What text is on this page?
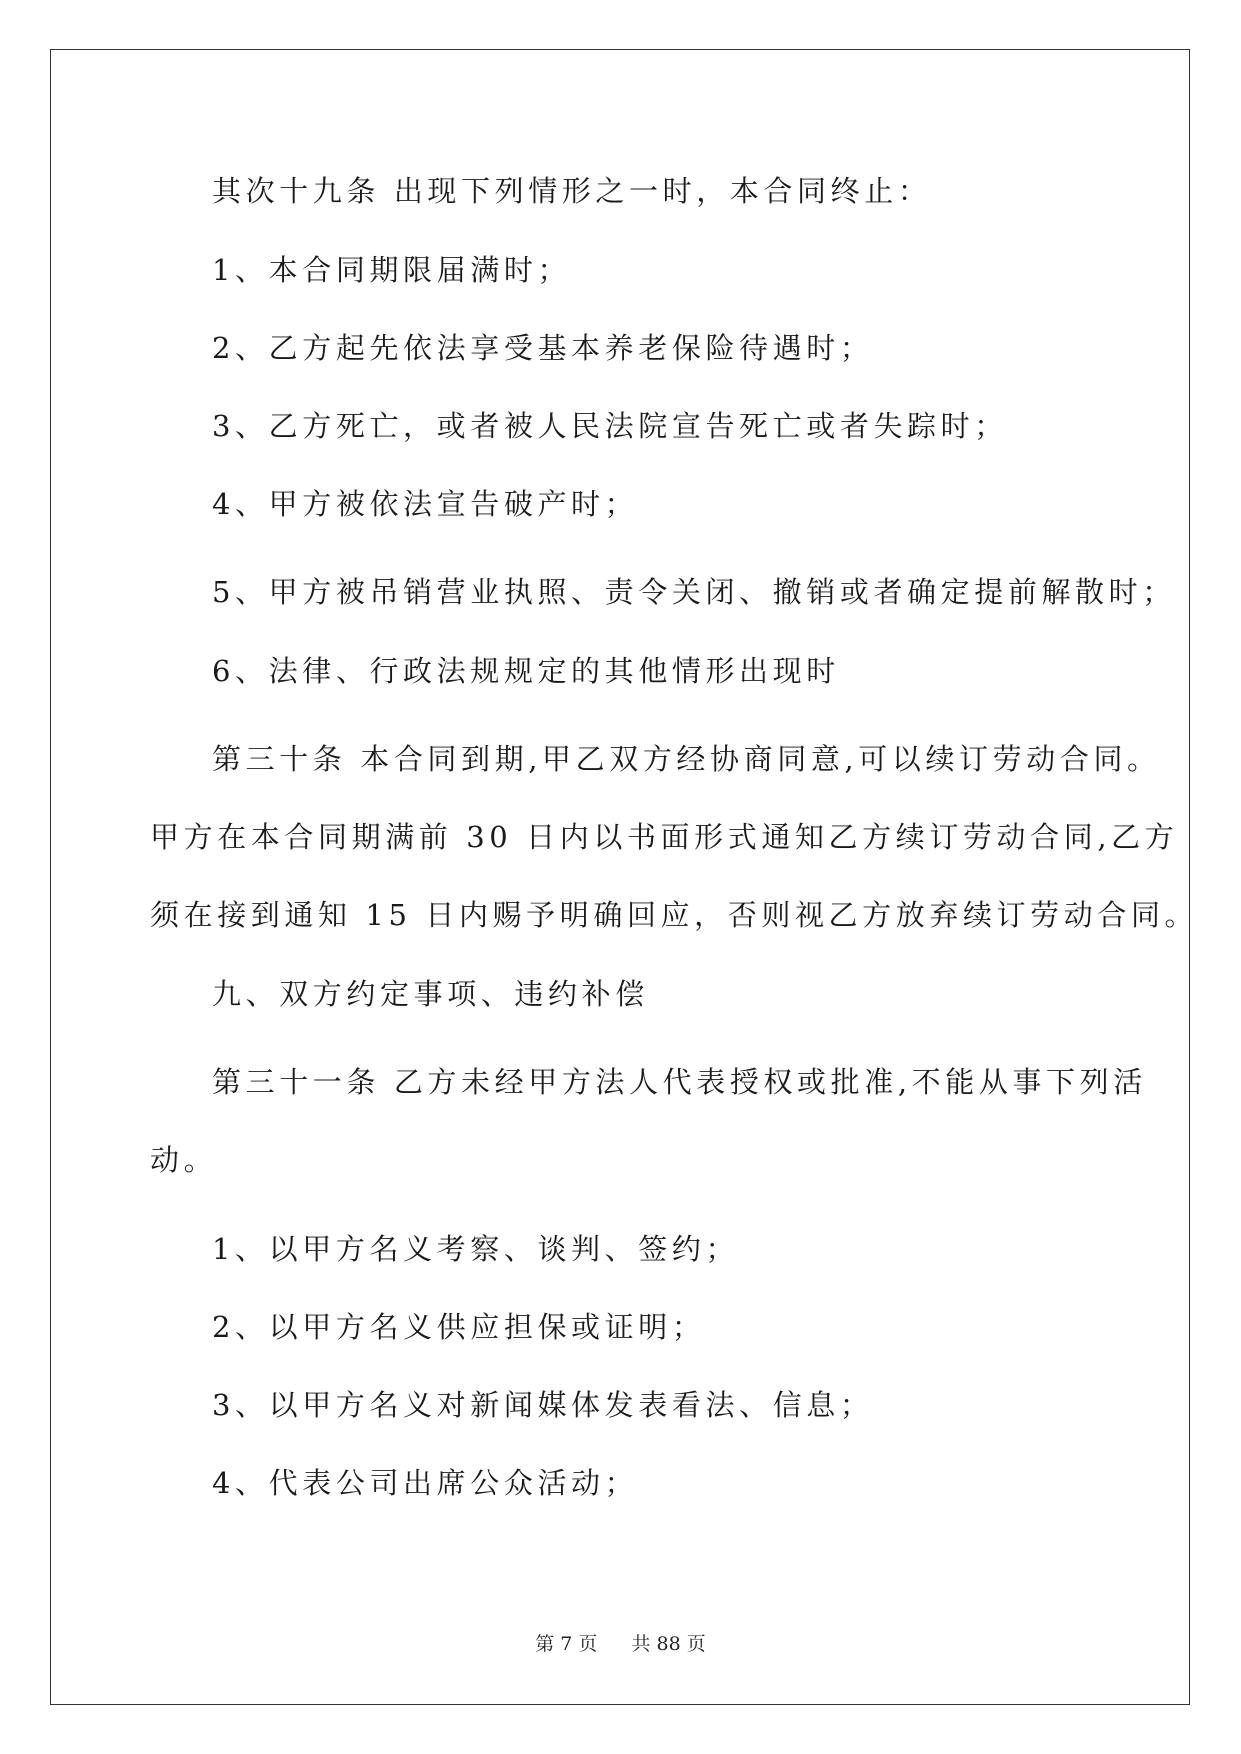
其次十九条 出现下列情形之一时，本合同终止：
1、本合同期限届满时；
2、乙方起先依法享受基本养老保险待遇时；
3、乙方死亡，或者被人民法院宣告死亡或者失踪时；
4、甲方被依法宣告破产时；
5、甲方被吊销营业执照、责令关闭、撤销或者确定提前解散时；
6、法律、行政法规规定的其他情形出现时
第三十条 本合同到期,甲乙双方经协商同意,可以续订劳动合同。
甲方在本合同期满前 30 日内以书面形式通知乙方续订劳动合同,乙方
须在接到通知 15 日内赐予明确回应，否则视乙方放弃续订劳动合同。
九、双方约定事项、违约补偿
第三十一条 乙方未经甲方法人代表授权或批准,不能从事下列活
动。
1、以甲方名义考察、谈判、签约；
2、以甲方名义供应担保或证明；
3、以甲方名义对新闻媒体发表看法、信息；
4、代表公司出席公众活动；
第 7 页 共 88 页
